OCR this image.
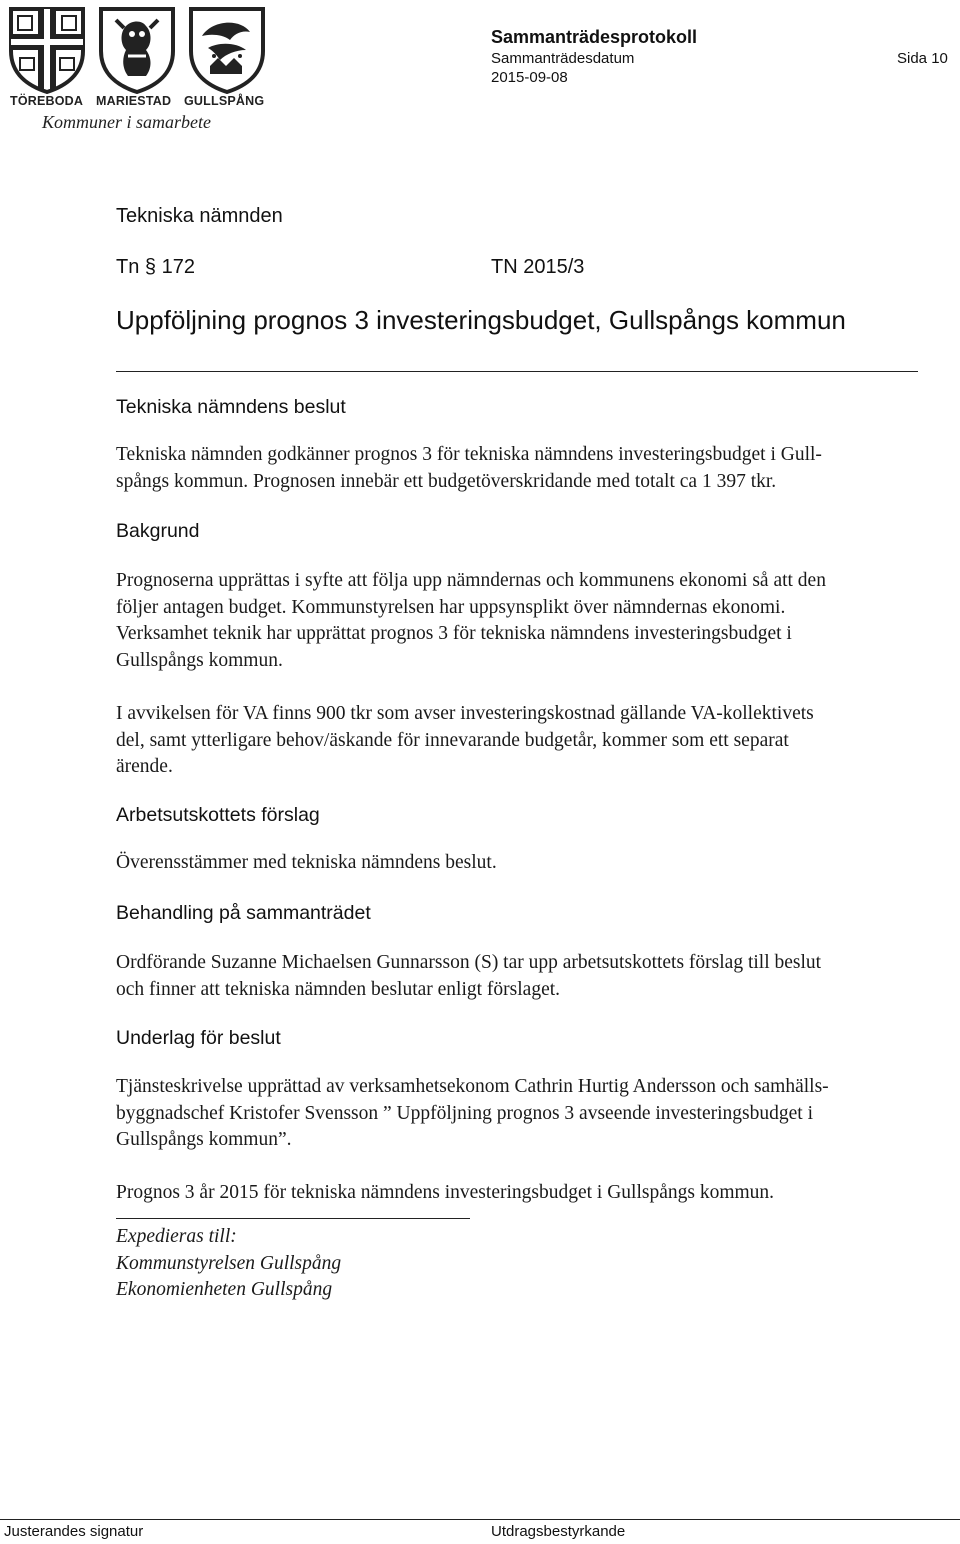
TÖREBODA MARIESTAD GULLSPÅNG
Kommuner i samarbete
Sammanträdesprotokoll
Sammanträdesdatum
2015-09-08
Sida 10
Tekniska nämnden
Tn § 172	TN 2015/3
Uppföljning prognos 3 investeringsbudget, Gullspångs kommun
Tekniska nämndens beslut
Tekniska nämnden godkänner prognos 3 för tekniska nämndens investeringsbudget i Gull-
spångs kommun. Prognosen innebär ett budgetöverskridande med totalt ca 1 397 tkr.
Bakgrund
Prognoserna upprättas i syfte att följa upp nämndernas och kommunens ekonomi så att den
följer antagen budget. Kommunstyrelsen har uppsynsplikt över nämndernas ekonomi.
Verksamhet teknik har upprättat prognos 3 för tekniska nämndens investeringsbudget i
Gullspångs kommun.
I avvikelsen för VA finns 900 tkr som avser investeringskostnad gällande VA-kollektivets
del, samt ytterligare behov/äskande för innevarande budgetår, kommer som ett separat
ärende.
Arbetsutskottets förslag
Överensstämmer med tekniska nämndens beslut.
Behandling på sammanträdet
Ordförande Suzanne Michaelsen Gunnarsson (S) tar upp arbetsutskottets förslag till beslut
och finner att tekniska nämnden beslutar enligt förslaget.
Underlag för beslut
Tjänsteskrivelse upprättad av verksamhetsekonom Cathrin Hurtig Andersson och samhälls-
byggnadschef Kristofer Svensson ” Uppföljning prognos 3 avseende investeringsbudget i
Gullspångs kommun”.
Prognos 3 år 2015 för tekniska nämndens investeringsbudget i Gullspångs kommun.
Expedieras till:
Kommunstyrelsen Gullspång
Ekonomienheten Gullspång
Justerandes signatur	Utdragsbestyrkande
